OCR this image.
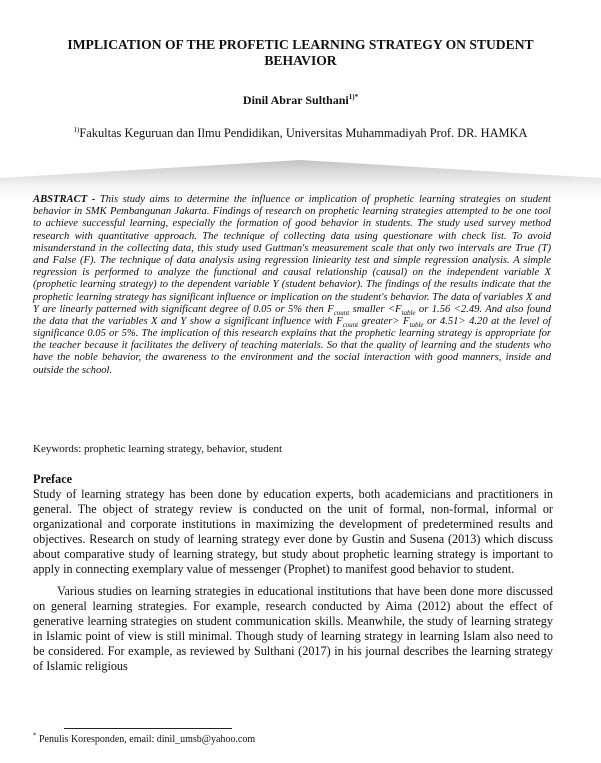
IMPLICATION OF THE PROFETIC LEARNING STRATEGY ON STUDENT BEHAVIOR
Dinil Abrar Sulthani$^{1)*}$
$^{1)}$Fakultas Keguruan dan Ilmu Pendidikan, Universitas Muhammadiyah Prof. DR. HAMKA
ABSTRACT - This study aims to determine the influence or implication of prophetic learning strategies on student behavior in SMK Pembangunan Jakarta. Findings of research on prophetic learning strategies attempted to be one tool to achieve successful learning, especially the formation of good behavior in students. The study used survey method research with quantitative approach. The technique of collecting data using questionare with check list. To avoid misunderstand in the collecting data, this study used Guttman's measurement scale that only two intervals are True (T) and False (F). The technique of data analysis using regression liniearity test and simple regression analysis. A simple regression is performed to analyze the functional and causal relationship (causal) on the independent variable X (prophetic learning strategy) to the dependent variable Y (student behavior). The findings of the results indicate that the prophetic learning strategy has significant influence or implication on the student's behavior. The data of variables X and Y are linearly patterned with significant degree of 0.05 or 5% then $F_{count}$ smaller $<F_{table}$ or 1.56 <2.49. And also found the data that the variables X and Y show a significant influence with $F_{count}$ greater> $F_{table}$ or 4.51> 4.20 at the level of significance 0.05 or 5%. The implication of this research explains that the prophetic learning strategy is appropriate for the teacher because it facilitates the delivery of teaching materials. So that the quality of learning and the students who have the noble behavior, the awareness to the environment and the social interaction with good manners, inside and outside the school.
Keywords: prophetic learning strategy, behavior, student
Preface

Study of learning strategy has been done by education experts, both academicians and practitioners in general. The object of strategy review is conducted on the unit of formal, non-formal, informal or organizational and corporate institutions in maximizing the development of predetermined results and objectives. Research on study of learning strategy ever done by Gustin and Susena (2013) which discuss about comparative study of learning strategy, but study about prophetic learning strategy is important to apply in connecting exemplary value of messenger (Prophet) to manifest good behavior to student.

Various studies on learning strategies in educational institutions that have been done more discussed on general learning strategies. For example, research conducted by Aima (2012) about the effect of generative learning strategies on student communication skills. Meanwhile, the study of learning strategy in Islamic point of view is still minimal. Though study of learning strategy in learning Islam also need to be considered. For example, as reviewed by Sulthani (2017) in his journal describes the learning strategy of Islamic religious

* Penulis Koresponden, email: dinil_umsb@yahoo.com
